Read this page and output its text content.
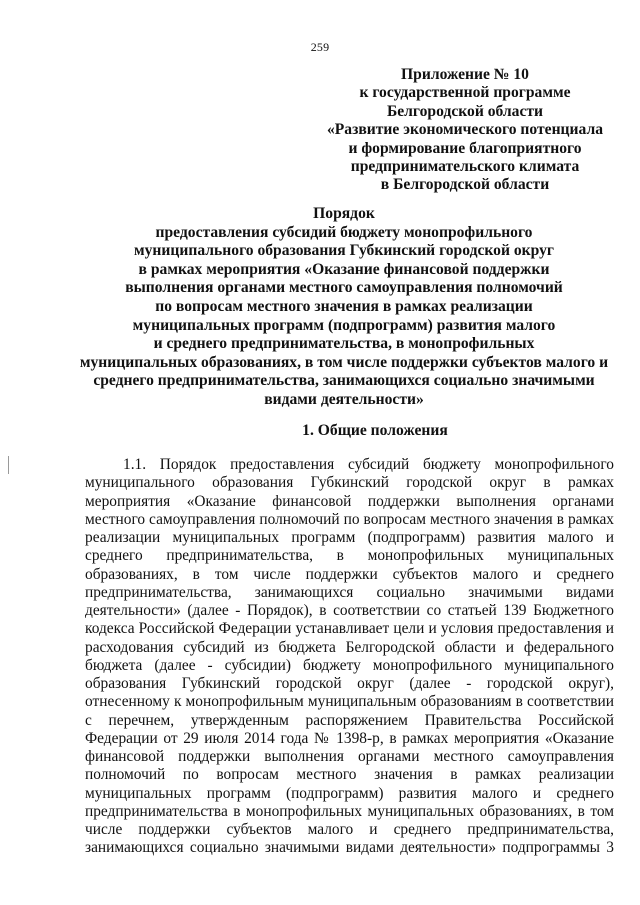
259
Приложение № 10
к государственной программе
Белгородской области
«Развитие экономического потенциала
и формирование благоприятного
предпринимательского климата
в Белгородской области
Порядок
предоставления субсидий бюджету монопрофильного
муниципального образования Губкинский городской округ
в рамках мероприятия «Оказание финансовой поддержки
выполнения органами местного самоуправления полномочий
по вопросам местного значения в рамках реализации
муниципальных программ (подпрограмм) развития малого
и среднего предпринимательства, в монопрофильных
муниципальных образованиях, в том числе поддержки субъектов малого и
среднего предпринимательства, занимающихся социально значимыми
видами деятельности»
1. Общие положения
1.1. Порядок предоставления субсидий бюджету монопрофильного
муниципального образования Губкинский городской округ в рамках
мероприятия «Оказание финансовой поддержки выполнения органами
местного самоуправления полномочий по вопросам местного значения в рамках
реализации муниципальных программ (подпрограмм) развития малого и
среднего предпринимательства, в монопрофильных муниципальных
образованиях, в том числе поддержки субъектов малого и среднего
предпринимательства, занимающихся социально значимыми видами
деятельности» (далее - Порядок), в соответствии со статьей 139 Бюджетного
кодекса Российской Федерации устанавливает цели и условия предоставления и
расходования субсидий из бюджета Белгородской области и федерального
бюджета (далее - субсидии) бюджету монопрофильного муниципального
образования Губкинский городской округ (далее - городской округ),
отнесенному к монопрофильным муниципальным образованиям в соответствии
с перечнем, утвержденным распоряжением Правительства Российской
Федерации от 29 июля 2014 года № 1398-р, в рамках мероприятия «Оказание
финансовой поддержки выполнения органами местного самоуправления
полномочий по вопросам местного значения в рамках реализации
муниципальных программ (подпрограмм) развития малого и среднего
предпринимательства в монопрофильных муниципальных образованиях, в том
числе поддержки субъектов малого и среднего предпринимательства,
занимающихся социально значимыми видами деятельности» подпрограммы 3
